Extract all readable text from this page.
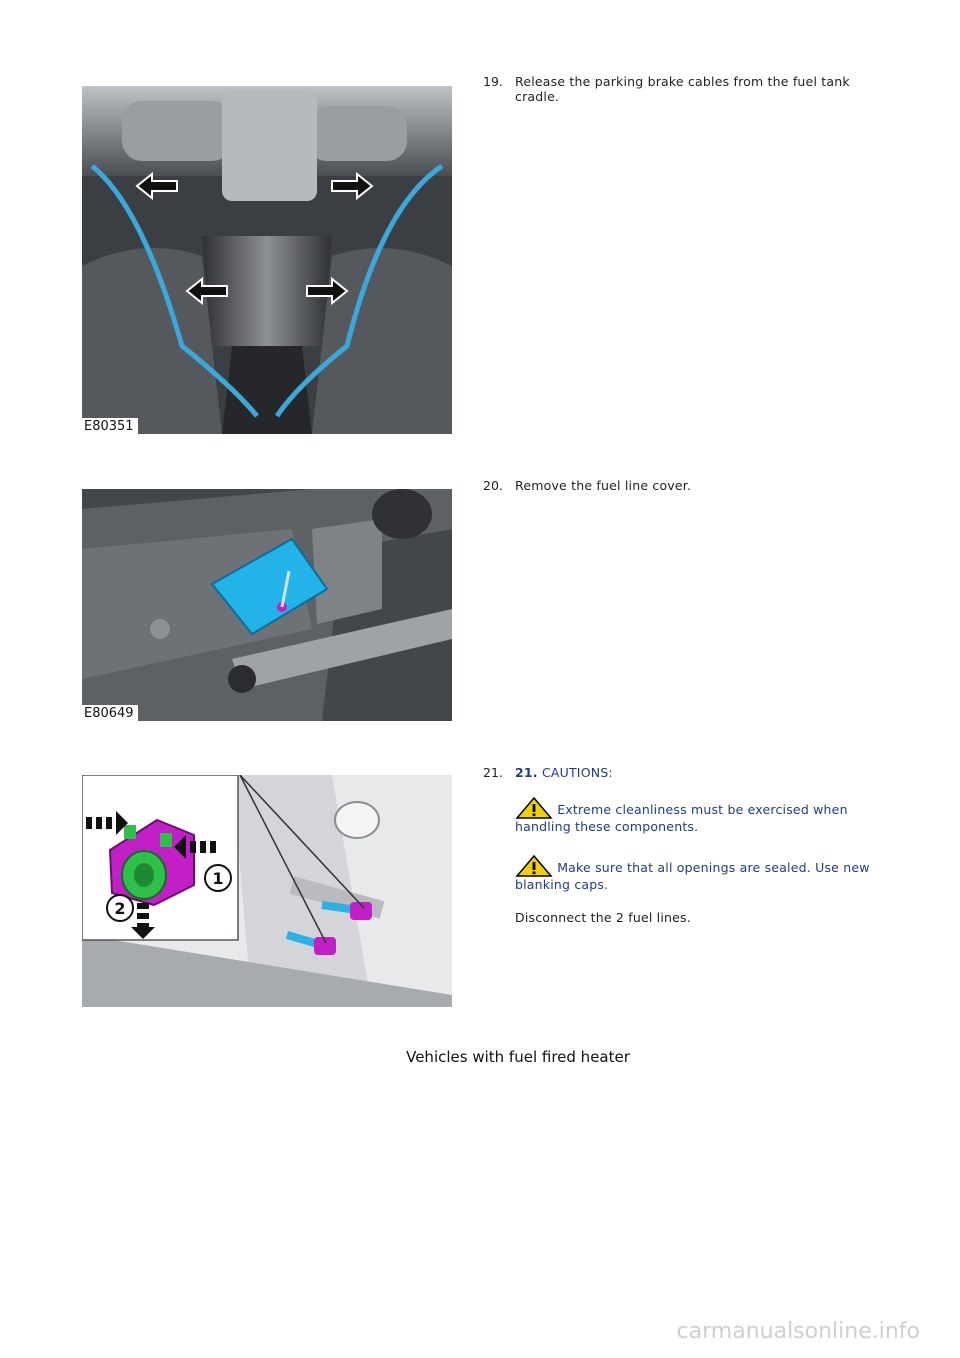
E80351
19. Release the parking brake cables from the fuel tank cradle.
E80649
20. Remove the fuel line cover.
1
2
21. 21. CAUTIONS:
Extreme cleanliness must be exercised when handling these components.
Make sure that all openings are sealed. Use new blanking caps.
Disconnect the 2 fuel lines.
Vehicles with fuel fired heater
carmanualsonline.info
